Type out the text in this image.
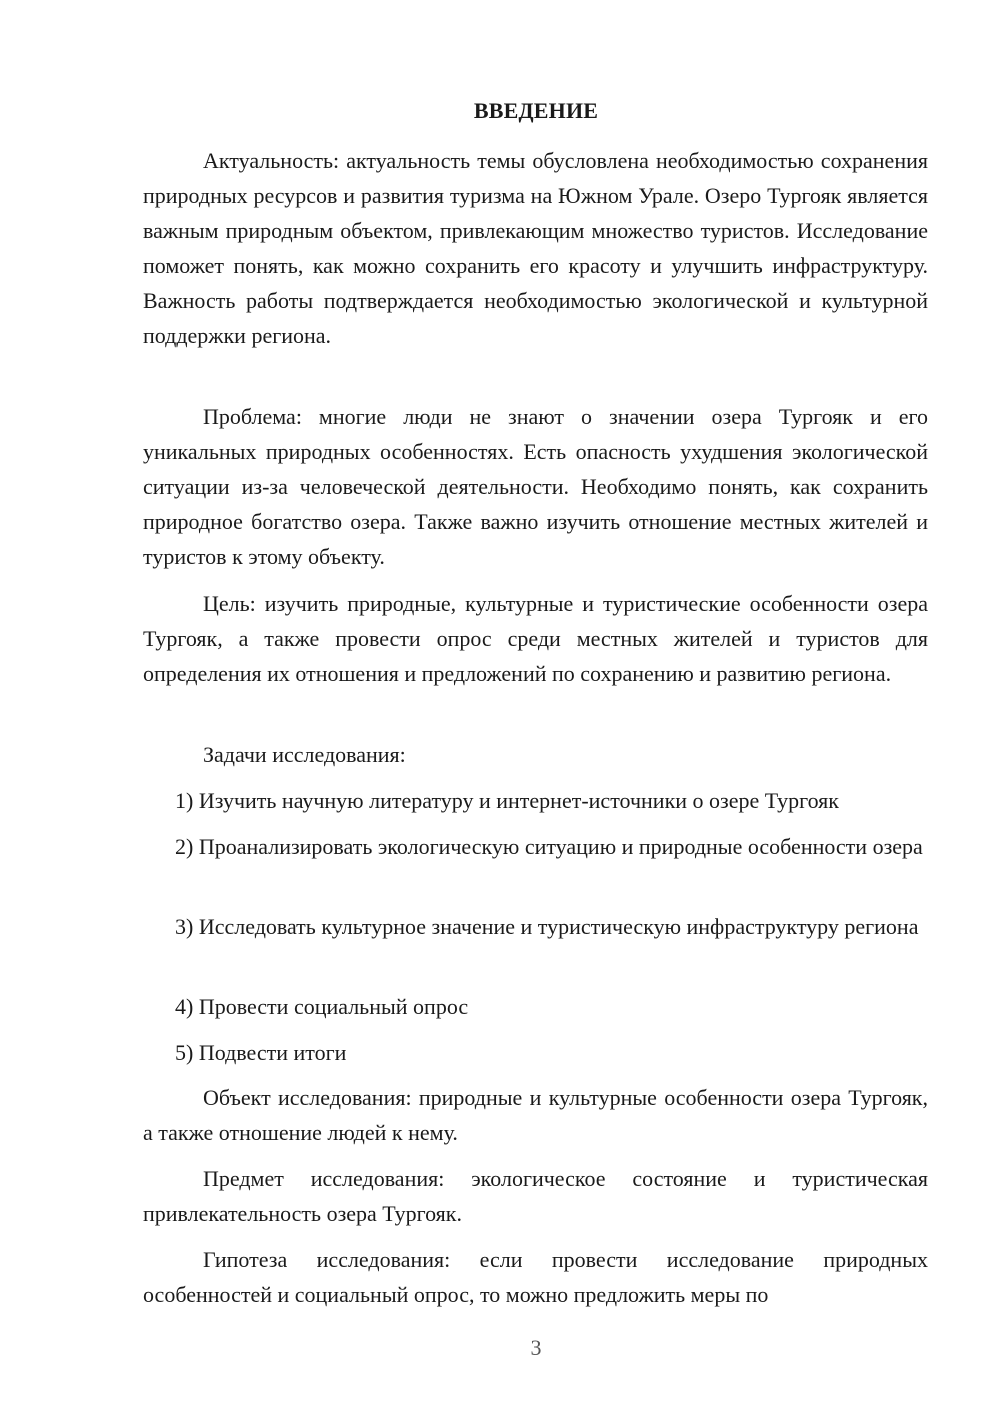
ВВЕДЕНИЕ

Актуальность: актуальность темы обусловлена необходимостью сохранения природных ресурсов и развития туризма на Южном Урале. Озеро Тургояк является важным природным объектом, привлекающим множество туристов. Исследование поможет понять, как можно сохранить его красоту и улучшить инфраструктуру. Важность работы подтверждается необходимостью экологической и культурной поддержки региона.

Проблема: многие люди не знают о значении озера Тургояк и его уникальных природных особенностях. Есть опасность ухудшения экологической ситуации из-за человеческой деятельности. Необходимо понять, как сохранить природное богатство озера. Также важно изучить отношение местных жителей и туристов к этому объекту.

Цель: изучить природные, культурные и туристические особенности озера Тургояк, а также провести опрос среди местных жителей и туристов для определения их отношения и предложений по сохранению и развитию региона.

Задачи исследования:

1) Изучить научную литературу и интернет-источники о озере Тургояк

2) Проанализировать экологическую ситуацию и природные особенности озера

3) Исследовать культурное значение и туристическую инфраструктуру региона

4) Провести социальный опрос

5) Подвести итоги

Объект исследования: природные и культурные особенности озера Тургояк, а также отношение людей к нему.

Предмет исследования: экологическое состояние и туристическая привлекательность озера Тургояк.

Гипотеза исследования: если провести исследование природных особенностей и социальный опрос, то можно предложить меры по

3
